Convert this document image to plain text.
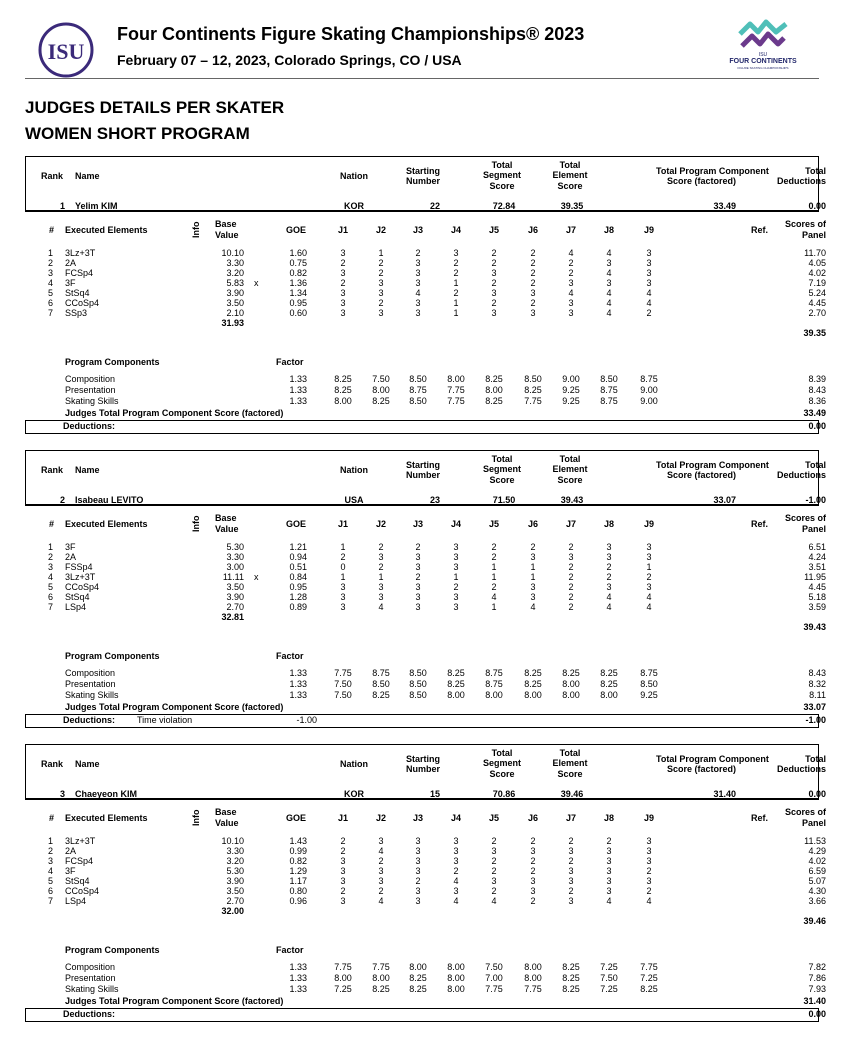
ISU
Four Continents Figure Skating Championships® 2023
February 07 – 12, 2023, Colorado Springs, CO / USA	ISU
FOUR CONTINENTS
FIGURE SKATING CHAMPIONSHIPS
JUDGES DETAILS PER SKATER
WOMEN SHORT PROGRAM
Rank Name	Nation	Starting
Number
Total
Segment
Score
Total
Element
Score
Total Program Component
Score (factored)
Total
Deductions
1 Yelim KIM	KOR	22	72.84	39.35	33.49	0.00
# Executed Elements	Info Base
Value	GOE	J1	J2	J3	J4	J5	J6	J7	J8	J9	Ref.
Scores of
Panel
1 3Lz+3T	10.10	1.60	3	1	2	3	2	2	4	4	3	11.70
2 2A	3.30	0.75	2	2	3	2	2	2	2	3	3	4.05
3 FCSp4	3.20	0.82	3	2	3	2	3	2	2	4	3	4.02
4 3F	5.83 x	1.36	2	3	3	1	2	2	3	3	3	7.19
5 StSq4	3.90	1.34	3	3	4	2	3	3	4	4	4	5.24
6 CCoSp4	3.50	0.95	3	2	3	1	2	2	3	4	4	4.45
7 SSp3	2.10	0.60	3	3	3	1	3	3	3	4	2	2.70
31.93
39.35
Program Components	Factor
Composition	1.33	8.25	7.50	8.50	8.00	8.25	8.50	9.00	8.50	8.75	8.39
Presentation	1.33	8.25	8.00	8.75	7.75	8.00	8.25	9.25	8.75	9.00	8.43
Skating Skills	1.33	8.00	8.25	8.50	7.75	8.25	7.75	9.25	8.75	9.00	8.36
Judges Total Program Component Score (factored)	33.49
Deductions:	0.00
Rank Name	Nation	Starting
Number
Total
Segment
Score
Total
Element
Score
Total Program Component
Score (factored)
Total
Deductions
2 Isabeau LEVITO	USA	23	71.50	39.43	33.07	-1.00
# Executed Elements	Info Base
Value	GOE	J1	J2	J3	J4	J5	J6	J7	J8	J9	Ref.
Scores of
Panel
1 3F	5.30	1.21	1	2	2	3	2	2	2	3	3	6.51
2 2A	3.30	0.94	2	3	3	3	2	3	3	3	3	4.24
3 FSSp4	3.00	0.51	0	2	3	3	1	1	2	2	1	3.51
4 3Lz+3T	11.11 x	0.84	1	1	2	1	1	1	2	2	2	11.95
5 CCoSp4	3.50	0.95	3	3	3	2	2	3	2	3	3	4.45
6 StSq4	3.90	1.28	3	3	3	3	4	3	2	4	4	5.18
7 LSp4	2.70	0.89	3	4	3	3	1	4	2	4	4	3.59
32.81
39.43
Program Components	Factor
Composition	1.33	7.75	8.75	8.50	8.25	8.75	8.25	8.25	8.25	8.75	8.43
Presentation	1.33	7.50	8.50	8.50	8.25	8.75	8.25	8.00	8.25	8.50	8.32
Skating Skills	1.33	7.50	8.25	8.50	8.00	8.00	8.00	8.00	8.00	9.25	8.11
Judges Total Program Component Score (factored)	33.07
Deductions: Time violation	-1.00	-1.00
Rank Name	Nation	Starting
Number
Total
Segment
Score
Total
Element
Score
Total Program Component
Score (factored)
Total
Deductions
3 Chaeyeon KIM	KOR	15	70.86	39.46	31.40	0.00
# Executed Elements	Info Base
Value	GOE	J1	J2	J3	J4	J5	J6	J7	J8	J9	Ref.
Scores of
Panel
1 3Lz+3T	10.10	1.43	2	3	3	3	2	2	2	2	3	11.53
2 2A	3.30	0.99	2	4	3	3	3	3	3	3	3	4.29
3 FCSp4	3.20	0.82	3	2	3	3	2	2	2	3	3	4.02
4 3F	5.30	1.29	3	3	3	2	2	2	3	3	2	6.59
5 StSq4	3.90	1.17	3	3	2	4	3	3	3	3	3	5.07
6 CCoSp4	3.50	0.80	2	2	3	3	2	3	2	3	2	4.30
7 LSp4	2.70	0.96	3	4	3	4	4	2	3	4	4	3.66
32.00
39.46
Program Components	Factor
Composition	1.33	7.75	7.75	8.00	8.00	7.50	8.00	8.25	7.25	7.75	7.82
Presentation	1.33	8.00	8.00	8.25	8.00	7.00	8.00	8.25	7.50	7.25	7.86
Skating Skills	1.33	7.25	8.25	8.25	8.00	7.75	7.75	8.25	7.25	8.25	7.93
Judges Total Program Component Score (factored)	31.40
Deductions:	0.00
